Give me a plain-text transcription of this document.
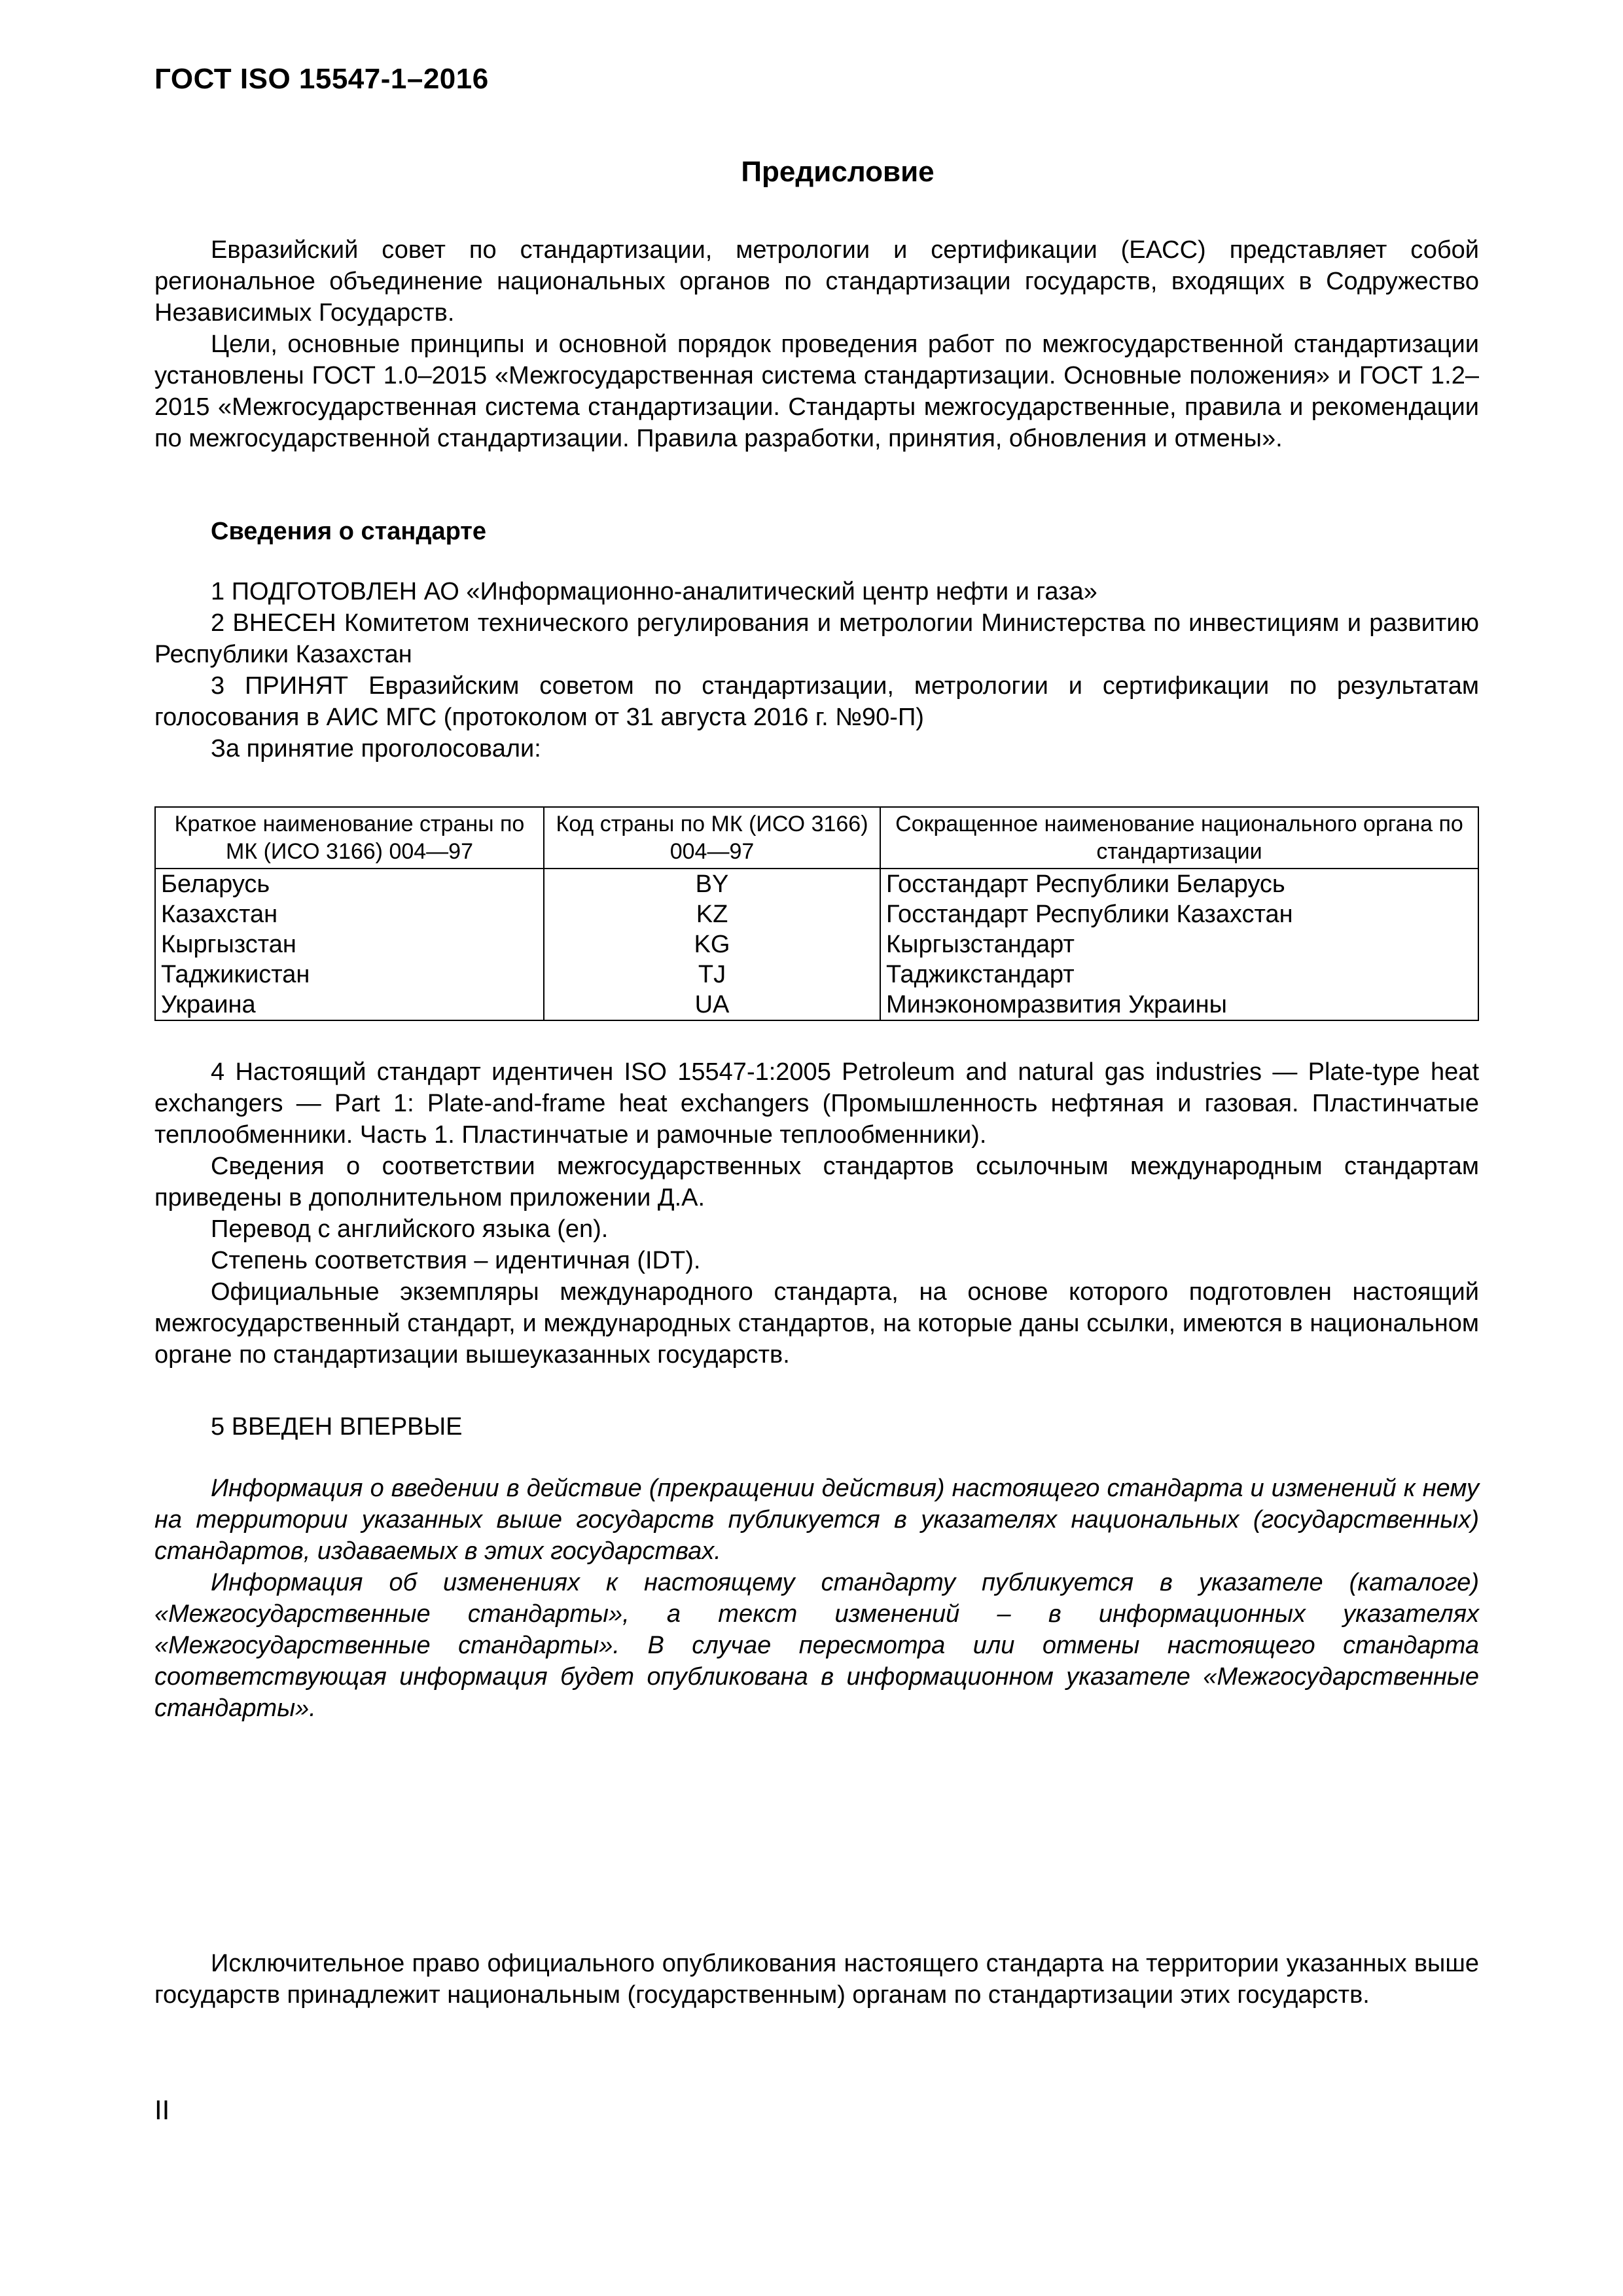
ГОСТ ISO 15547-1–2016
Предисловие

Евразийский совет по стандартизации, метрологии и сертификации (ЕАСС) представляет собой региональное объединение национальных органов по стандартизации государств, входящих в Содружество Независимых Государств.

Цели, основные принципы и основной порядок проведения работ по межгосударственной стандартизации установлены ГОСТ 1.0–2015 «Межгосударственная система стандартизации. Основные положения» и ГОСТ 1.2–2015 «Межгосударственная система стандартизации. Стандарты межгосударственные, правила и рекомендации по межгосударственной стандартизации. Правила разработки, принятия, обновления и отмены».

Сведения о стандарте

1 ПОДГОТОВЛЕН АО «Информационно-аналитический центр нефти и газа»

2 ВНЕСЕН Комитетом технического регулирования и метрологии Министерства по инвестициям и развитию Республики Казахстан

3 ПРИНЯТ Евразийским советом по стандартизации, метрологии и сертификации по результатам голосования в АИС МГС (протоколом от 31 августа 2016 г. №90-П)

За принятие проголосовали:

Краткое наименование страны по МК (ИСО 3166) 004—97	Код страны по МК (ИСО 3166) 004—97	Сокращенное наименование национального органа по стандартизации
Беларусь	BY	Госстандарт Республики Беларусь
Казахстан	KZ	Госстандарт Республики Казахстан
Кыргызстан	KG	Кыргызстандарт
Таджикистан	TJ	Таджикстандарт
Украина	UA	Минэкономразвития Украины

4 Настоящий стандарт идентичен ISO 15547-1:2005 Petroleum and natural gas industries — Plate-type heat exchangers — Part 1: Plate-and-frame heat exchangers (Промышленность нефтяная и газовая. Пластинчатые теплообменники. Часть 1. Пластинчатые и рамочные теплообменники).

Сведения о соответствии межгосударственных стандартов ссылочным международным стандартам приведены в дополнительном приложении Д.А.

Перевод с английского языка (en).

Степень соответствия – идентичная (IDT).

Официальные экземпляры международного стандарта, на основе которого подготовлен настоящий межгосударственный стандарт, и международных стандартов, на которые даны ссылки, имеются в национальном органе по стандартизации вышеуказанных государств.

5 ВВЕДЕН ВПЕРВЫЕ

Информация о введении в действие (прекращении действия) настоящего стандарта и изменений к нему на территории указанных выше государств публикуется в указателях национальных (государственных) стандартов, издаваемых в этих государствах.

Информация об изменениях к настоящему стандарту публикуется в указателе (каталоге) «Межгосударственные стандарты», а текст изменений – в информационных указателях «Межгосударственные стандарты». В случае пересмотра или отмены настоящего стандарта соответствующая информация будет опубликована в информационном указателе «Межгосударственные стандарты».

Исключительное право официального опубликования настоящего стандарта на территории указанных выше государств принадлежит национальным (государственным) органам по стандартизации этих государств.

II
